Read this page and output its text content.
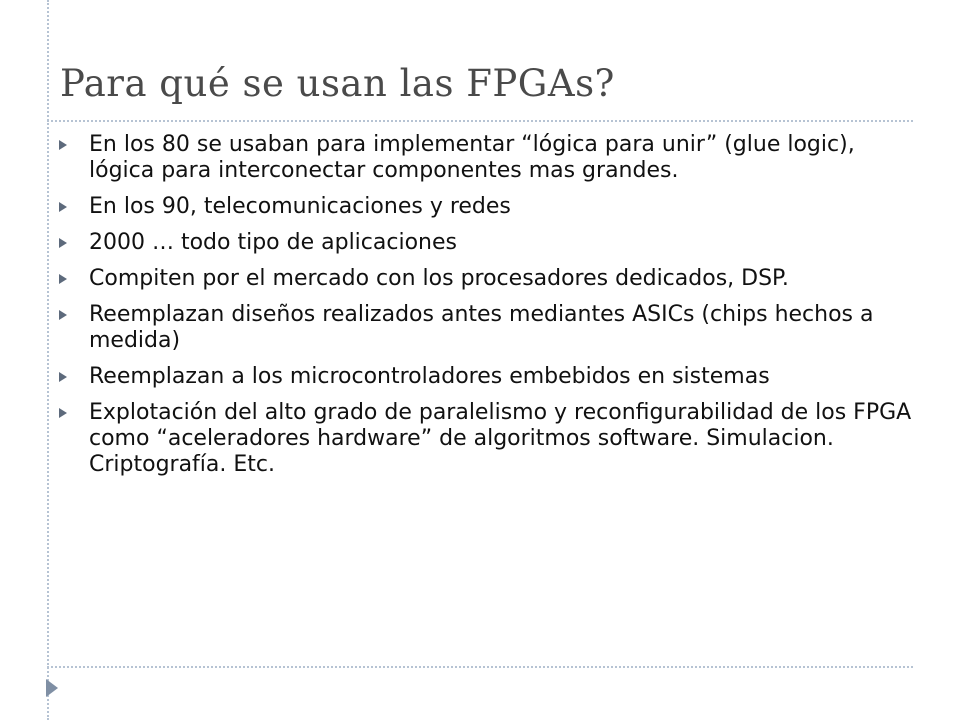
Para qué se usan las FPGAs?
En los 80 se usaban para implementar “lógica para unir” (glue logic), lógica para interconectar componentes mas grandes.
En los 90, telecomunicaciones y redes
2000 … todo tipo de aplicaciones
Compiten por el mercado con los procesadores dedicados, DSP.
Reemplazan diseños realizados antes mediantes ASICs (chips hechos a medida)
Reemplazan a los microcontroladores embebidos en sistemas
Explotación del alto grado de paralelismo y reconfigurabilidad de los FPGA como “aceleradores hardware” de algoritmos software. Simulacion. Criptografía. Etc.
